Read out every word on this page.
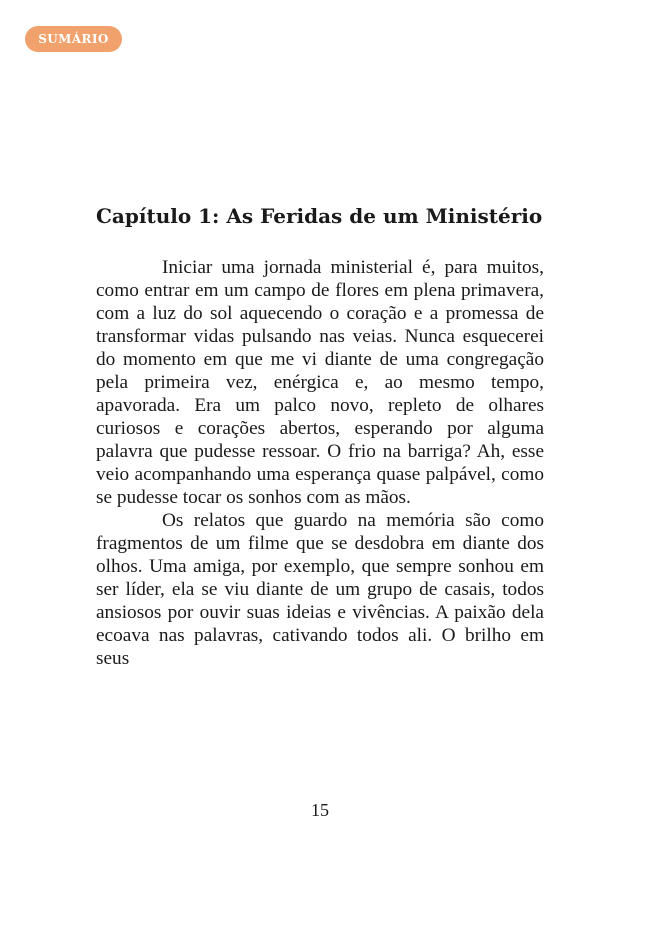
SUMÁRIO
Capítulo 1: As Feridas de um Ministério

Iniciar uma jornada ministerial é, para muitos, como entrar em um campo de flores em plena primavera, com a luz do sol aquecendo o coração e a promessa de transformar vidas pulsando nas veias. Nunca esquecerei do momento em que me vi diante de uma congregação pela primeira vez, enérgica e, ao mesmo tempo, apavorada. Era um palco novo, repleto de olhares curiosos e corações abertos, esperando por alguma palavra que pudesse ressoar. O frio na barriga? Ah, esse veio acompanhando uma esperança quase palpável, como se pudesse tocar os sonhos com as mãos.

Os relatos que guardo na memória são como fragmentos de um filme que se desdobra em diante dos olhos. Uma amiga, por exemplo, que sempre sonhou em ser líder, ela se viu diante de um grupo de casais, todos ansiosos por ouvir suas ideias e vivências. A paixão dela ecoava nas palavras, cativando todos ali. O brilho em seus

15
